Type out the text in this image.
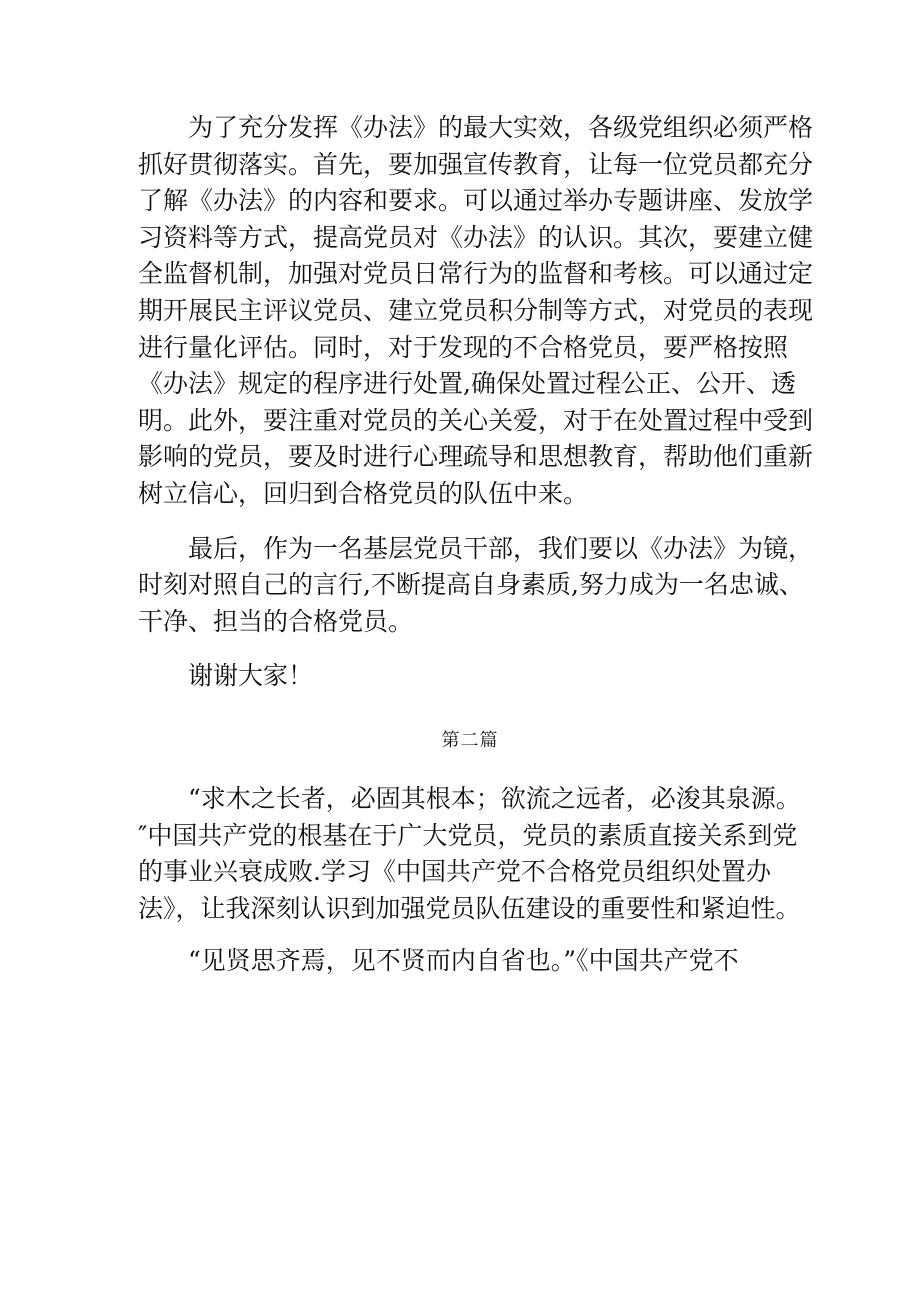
为了充分发挥《办法》的最大实效，各级党组织必须严格
抓好贯彻落实。首先，要加强宣传教育，让每一位党员都充分
了解《办法》的内容和要求。可以通过举办专题讲座、发放学
习资料等方式，提高党员对《办法》的认识。其次，要建立健
全监督机制，加强对党员日常行为的监督和考核。可以通过定
期开展民主评议党员、建立党员积分制等方式，对党员的表现
进行量化评估。同时，对于发现的不合格党员，要严格按照
《办法》规定的程序进行处置,确保处置过程公正、公开、透
明。此外，要注重对党员的关心关爱，对于在处置过程中受到
影响的党员，要及时进行心理疏导和思想教育，帮助他们重新
树立信心，回归到合格党员的队伍中来。
最后，作为一名基层党员干部，我们要以《办法》为镜，
时刻对照自己的言行,不断提高自身素质,努力成为一名忠诚、
干净、担当的合格党员。
谢谢大家！
第二篇
“求木之长者，必固其根本；欲流之远者，必浚其泉源。
″中国共产党的根基在于广大党员，党员的素质直接关系到党
的事业兴衰成败.学习《中国共产党不合格党员组织处置办
法》，让我深刻认识到加强党员队伍建设的重要性和紧迫性。
“见贤思齐焉，见不贤而内自省也。”《中国共产党不
